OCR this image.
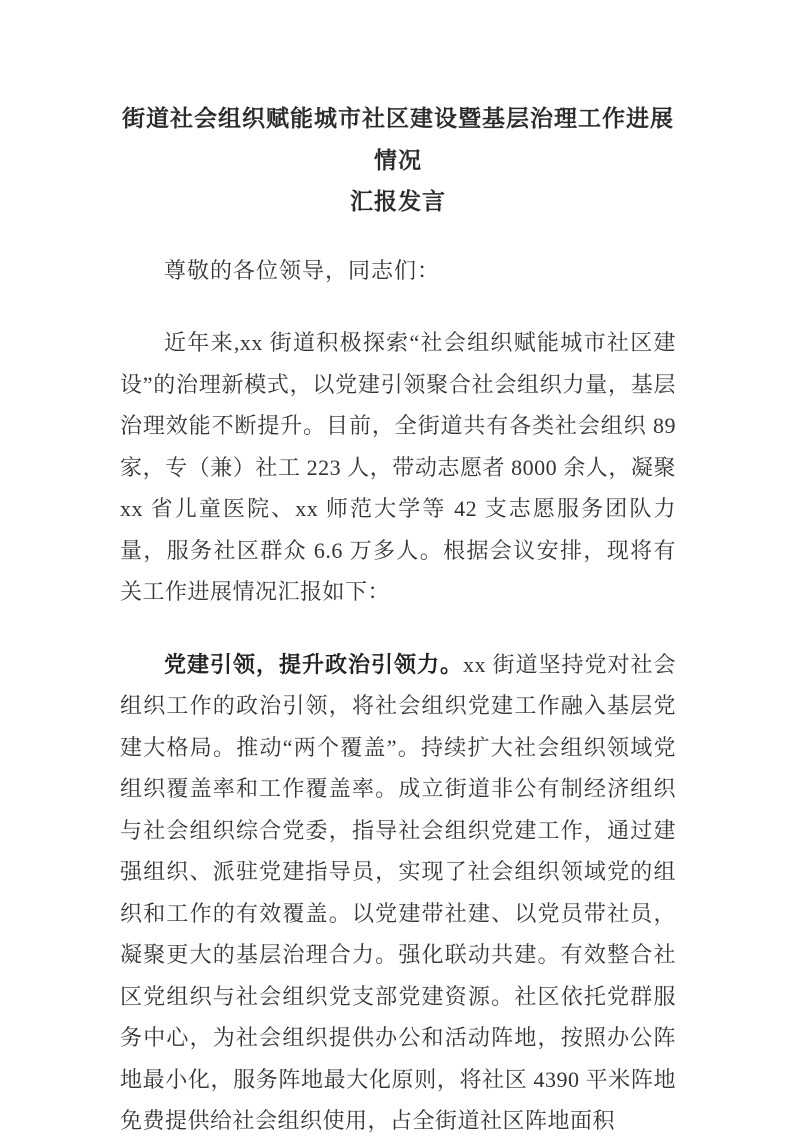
街道社会组织赋能城市社区建设暨基层治理工作进展情况
汇报发言

尊敬的各位领导，同志们：

近年来,xx 街道积极探索“社会组织赋能城市社区建设”的治理新模式，以党建引领聚合社会组织力量，基层治理效能不断提升。目前，全街道共有各类社会组织 89 家，专（兼）社工 223 人，带动志愿者 8000 余人，凝聚 xx 省儿童医院、xx 师范大学等 42 支志愿服务团队力量，服务社区群众 6.6 万多人。根据会议安排，现将有关工作进展情况汇报如下：

党建引领，提升政治引领力。xx 街道坚持党对社会组织工作的政治引领，将社会组织党建工作融入基层党建大格局。推动“两个覆盖”。持续扩大社会组织领域党组织覆盖率和工作覆盖率。成立街道非公有制经济组织与社会组织综合党委，指导社会组织党建工作，通过建强组织、派驻党建指导员，实现了社会组织领域党的组织和工作的有效覆盖。以党建带社建、以党员带社员，凝聚更大的基层治理合力。强化联动共建。有效整合社区党组织与社会组织党支部党建资源。社区依托党群服务中心，为社会组织提供办公和活动阵地，按照办公阵地最小化，服务阵地最大化原则，将社区 4390 平米阵地免费提供给社会组织使用，占全街道社区阵地面积
